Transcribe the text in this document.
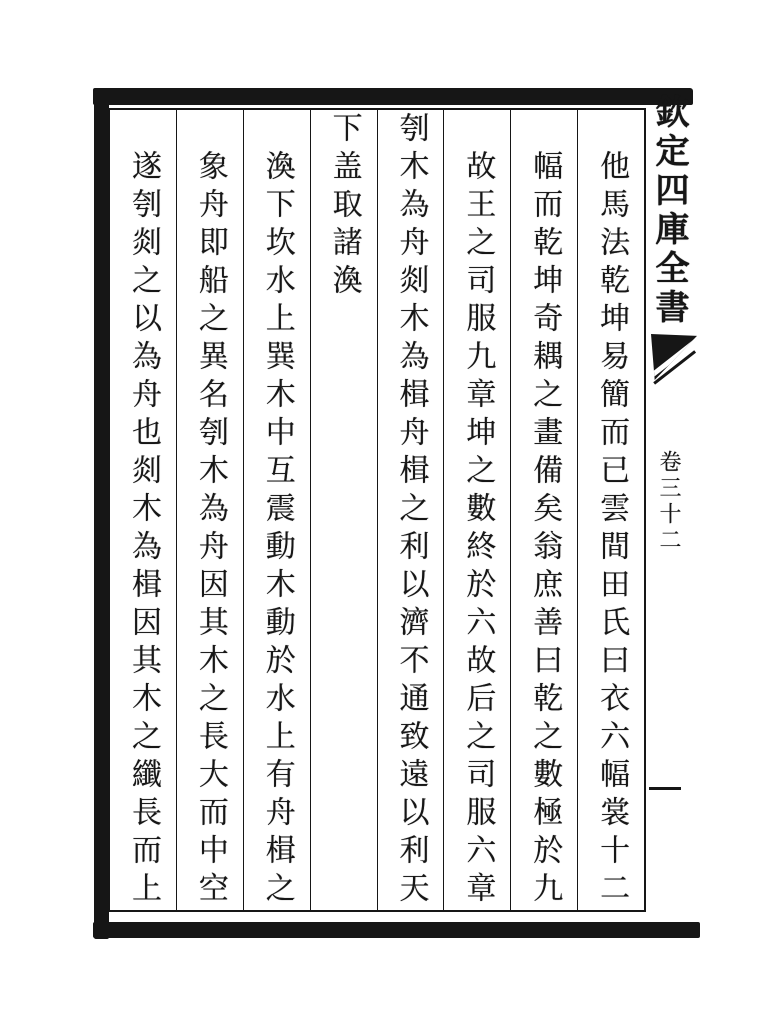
他馬法乾坤易簡而已雲間田氏曰衣六幅裳十二
幅而乾坤奇耦之畫備矣翁庶善曰乾之數極於九
故王之司服九章坤之數終於六故后之司服六章
刳木為舟剡木為楫舟楫之利以濟不通致遠以利天
下盖取諸渙
渙下坎水上巽木中互震動木動於水上有舟楫之
象舟即船之異名刳木為舟因其木之長大而中空
遂刳剡之以為舟也剡木為楫因其木之纖長而上	欽定四庫全書
卷三十二
